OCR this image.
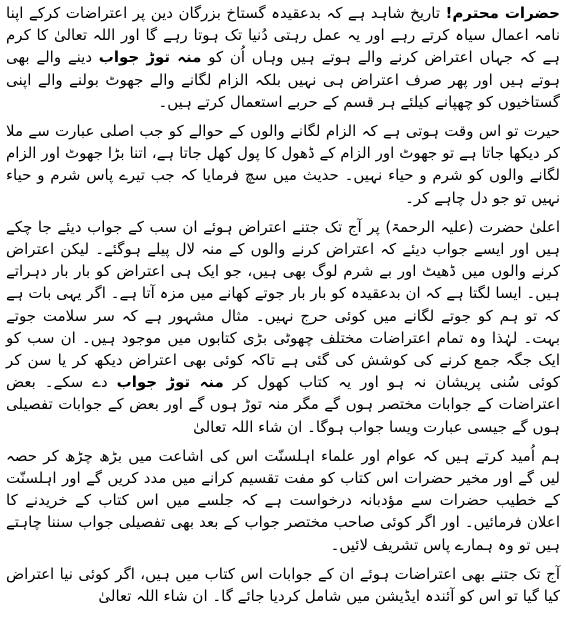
حضرات محترم! تاریخ شاہد ہے کہ بدعقیدہ گستاخ بزرگان دین پر اعتراضات کرکے اپنا نامہ اعمال سیاہ کرتے رہے اور یہ عمل رہتی دُنیا تک ہوتا رہے گا اور اللہ تعالیٰ کا کرم ہے کہ جہاں اعتراض کرنے والے ہوتے ہیں وہاں اُن کو منہ توڑ جواب دینے والے بھی ہوتے ہیں اور پھر صرف اعتراض ہی نہیں بلکہ الزام لگانے والے جھوٹ بولنے والے اپنی گستاخیوں کو چھپانے کیلئے ہر قسم کے حربے استعمال کرتے ہیں۔

حیرت تو اس وقت ہوتی ہے کہ الزام لگانے والوں کے حوالے کو جب اصلی عبارت سے ملا کر دیکھا جاتا ہے تو جھوٹ اور الزام کے ڈھول کا پول کھل جاتا ہے، اتنا بڑا جھوٹ اور الزام لگانے والوں کو شرم و حیاء نہیں۔ حدیث میں سچ فرمایا کہ جب تیرے پاس شرم و حیاء نہیں تو جو دل چاہے کر۔

اعلیٰ حضرت (علیہ الرحمۃ) پر آج تک جتنے اعتراض ہوئے ان سب کے جواب دیئے جا چکے ہیں اور ایسے جواب دیئے کہ اعتراض کرنے والوں کے منہ لال پیلے ہوگئے۔ لیکن اعتراض کرنے والوں میں ڈھیٹ اور بے شرم لوگ بھی ہیں، جو ایک ہی اعتراض کو بار بار دہراتے ہیں۔ ایسا لگتا ہے کہ ان بدعقیدہ کو بار بار جوتے کھانے میں مزہ آتا ہے۔ اگر یہی بات ہے کہ تو ہم کو جوتے لگانے میں کوئی حرج نہیں۔ مثال مشہور ہے کہ سر سلامت جوتے بہت۔ لہٰذا وہ تمام اعتراضات مختلف چھوٹی بڑی کتابوں میں موجود ہیں۔ ان سب کو ایک جگہ جمع کرنے کی کوشش کی گئی ہے تاکہ کوئی بھی اعتراض دیکھ کر یا سن کر کوئی سُنی پریشان نہ ہو اور یہ کتاب کھول کر منہ توڑ جواب دے سکے۔ بعض اعتراضات کے جوابات مختصر ہوں گے مگر منہ توڑ ہوں گے اور بعض کے جوابات تفصیلی ہوں گے جیسی عبارت ویسا جواب ہوگا۔ ان شاء اللہ تعالیٰ

ہم اُمید کرتے ہیں کہ عوام اور علماء اہلسنّت اس کی اشاعت میں بڑھ چڑھ کر حصہ لیں گے اور مخیر حضرات اس کتاب کو مفت تقسیم کرانے میں مدد کریں گے اور اہلسنّت کے خطیب حضرات سے مؤدبانہ درخواست ہے کہ جلسے میں اس کتاب کے خریدنے کا اعلان فرمائیں۔ اور اگر کوئی صاحب مختصر جواب کے بعد بھی تفصیلی جواب سننا چاہتے ہیں تو وہ ہمارے پاس تشریف لائیں۔

آج تک جتنے بھی اعتراضات ہوئے ان کے جوابات اس کتاب میں ہیں، اگر کوئی نیا اعتراض کیا گیا تو اس کو آئندہ ایڈیشن میں شامل کردیا جائے گا۔ ان شاء اللہ تعالیٰ
